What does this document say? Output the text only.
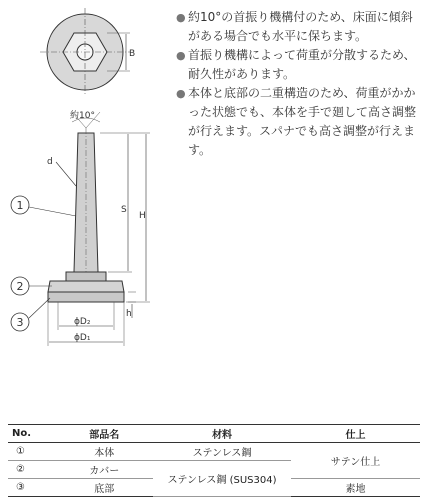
B
約10°
d
S
H
h
ϕD₂
ϕD₁
1
2
3
● 約10°の首振り機構付のため、床面に傾斜がある場合でも水平に保ちます。
● 首振り機構によって荷重が分散するため、耐久性があります。
● 本体と底部の二重構造のため、荷重がかかった状態でも、本体を手で廻して高さ調整が行えます。スパナでも高さ調整が行えます。
No.	部品名	材料	仕上
①	本体	ステンレス鋼	サテン仕上
②	カバー	ステンレス鋼 (SUS304)	
③	底部		素地
